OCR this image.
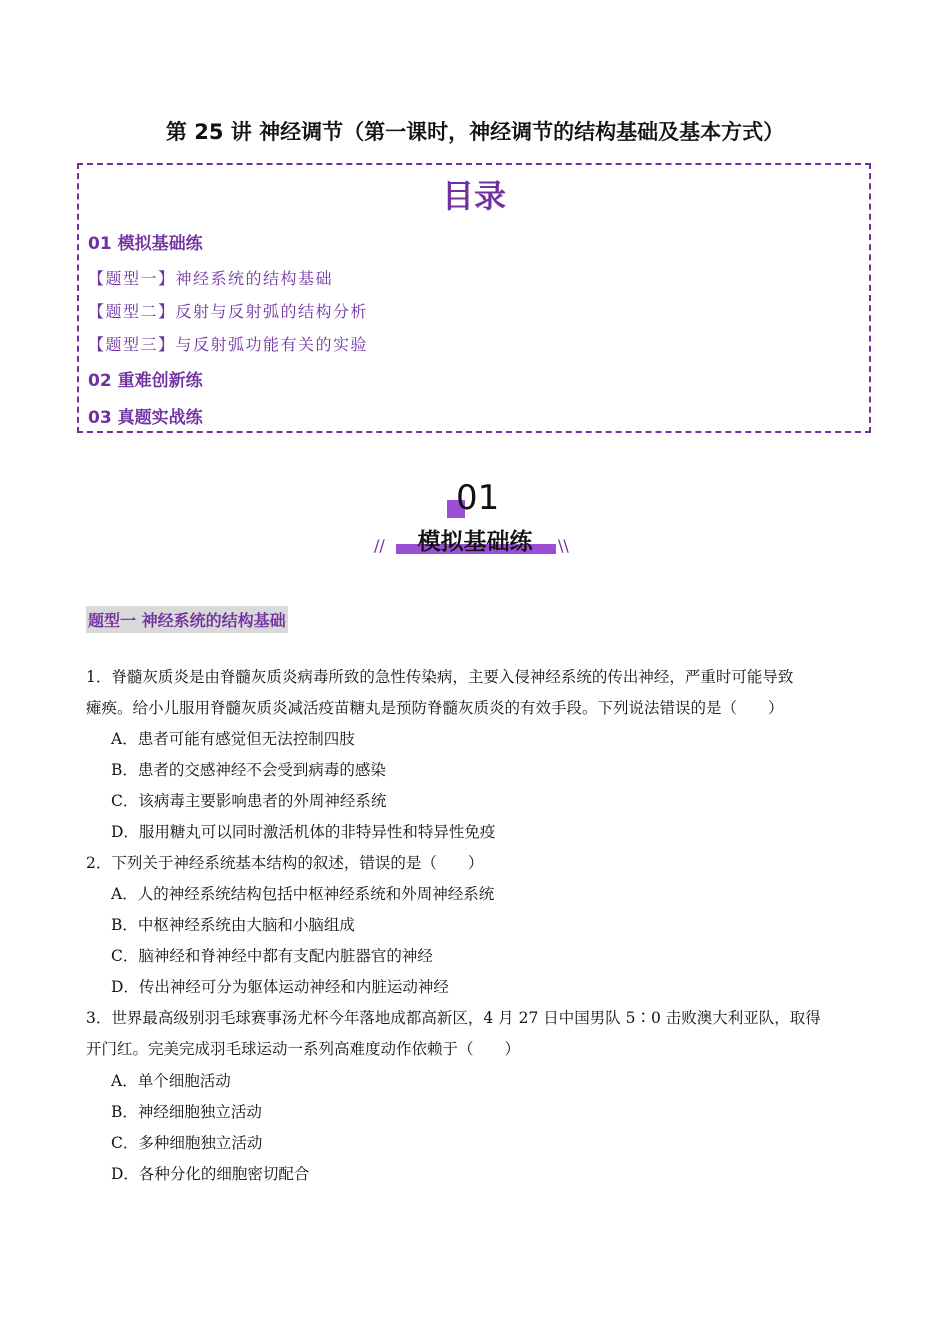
第 25 讲 神经调节（第一课时，神经调节的结构基础及基本方式）
目录
01 模拟基础练
【题型一】神经系统的结构基础
【题型二】反射与反射弧的结构分析
【题型三】与反射弧功能有关的实验
02 重难创新练
03 真题实战练
01
模拟基础练
//	\\
题型一 神经系统的结构基础
1．脊髓灰质炎是由脊髓灰质炎病毒所致的急性传染病，主要入侵神经系统的传出神经，严重时可能导致
瘫痪。给小儿服用脊髓灰质炎减活疫苗糖丸是预防脊髓灰质炎的有效手段。下列说法错误的是（　　）
A．患者可能有感觉但无法控制四肢
B．患者的交感神经不会受到病毒的感染
C．该病毒主要影响患者的外周神经系统
D．服用糖丸可以同时激活机体的非特异性和特异性免疫
2．下列关于神经系统基本结构的叙述，错误的是（　　）
A．人的神经系统结构包括中枢神经系统和外周神经系统
B．中枢神经系统由大脑和小脑组成
C．脑神经和脊神经中都有支配内脏器官的神经
D．传出神经可分为躯体运动神经和内脏运动神经
3．世界最高级别羽毛球赛事汤尤杯今年落地成都高新区，4 月 27 日中国男队 5∶0 击败澳大利亚队，取得
开门红。完美完成羽毛球运动一系列高难度动作依赖于（　　）
A．单个细胞活动
B．神经细胞独立活动
C．多种细胞独立活动
D．各种分化的细胞密切配合
